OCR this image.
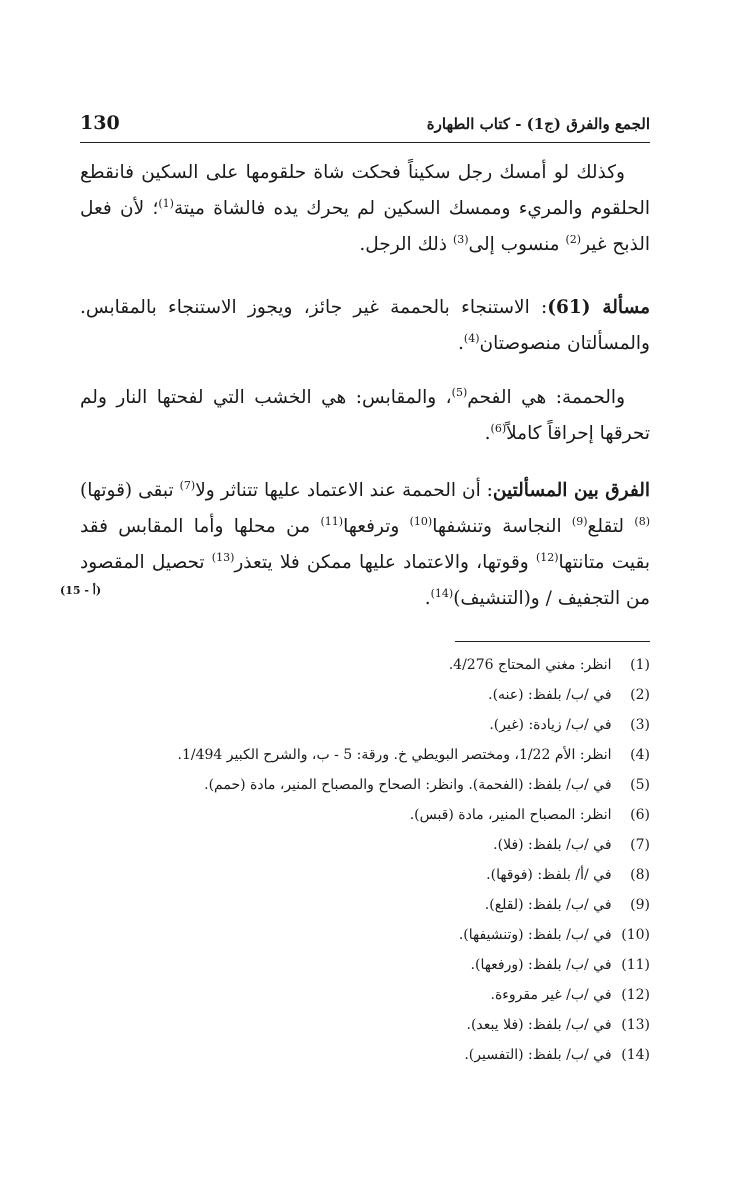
130	الجمع والفرق (ج1) - كتاب الطهارة

وكذلك لو أمسك رجل سكيناً فحكت شاة حلقومها على السكين فانقطع الحلقوم والمريء وممسك السكين لم يحرك يده فالشاة ميتة$^{(1)}$؛ لأن فعل الذبح غير$^{(2)}$ منسوب إلى$^{(3)}$ ذلك الرجل.

مسألة (61): الاستنجاء بالحممة غير جائز، ويجوز الاستنجاء بالمقابس. والمسألتان منصوصتان$^{(4)}$.

والحممة: هي الفحم$^{(5)}$، والمقابس: هي الخشب التي لفحتها النار ولم تحرقها إحراقاً كاملاً$^{(6)}$.

الفرق بين المسألتين: أن الحممة عند الاعتماد عليها تتناثر ولا$^{(7)}$ تبقى (قوتها)$^{(8)}$ لتقلع$^{(9)}$ النجاسة وتنشفها$^{(10)}$ وترفعها$^{(11)}$ من محلها وأما المقابس فقد بقيت متانتها$^{(12)}$ وقوتها، والاعتماد عليها ممكن فلا يتعذر$^{(13)}$ تحصيل المقصود من التجفيف / و(التنشيف)$^{(14)}$.

(15 - أ)
(1) انظر: مغني المحتاج 4/276.
(2) في /ب/ بلفظ: (عنه).
(3) في /ب/ زيادة: (غير).
(4) انظر: الأم 1/22، ومختصر البويطي خ. ورقة: 5 - ب، والشرح الكبير 1/494.
(5) في /ب/ بلفظ: (الفحمة). وانظر: الصحاح والمصباح المنير، مادة (حمم).
(6) انظر: المصباح المنير، مادة (قبس).
(7) في /ب/ بلفظ: (فلا).
(8) في /أ/ بلفظ: (فوقها).
(9) في /ب/ بلفظ: (لقلع).
(10) في /ب/ بلفظ: (وتنشيفها).
(11) في /ب/ بلفظ: (ورفعها).
(12) في /ب/ غير مقروءة.
(13) في /ب/ بلفظ: (فلا يبعد).
(14) في /ب/ بلفظ: (التفسير).
